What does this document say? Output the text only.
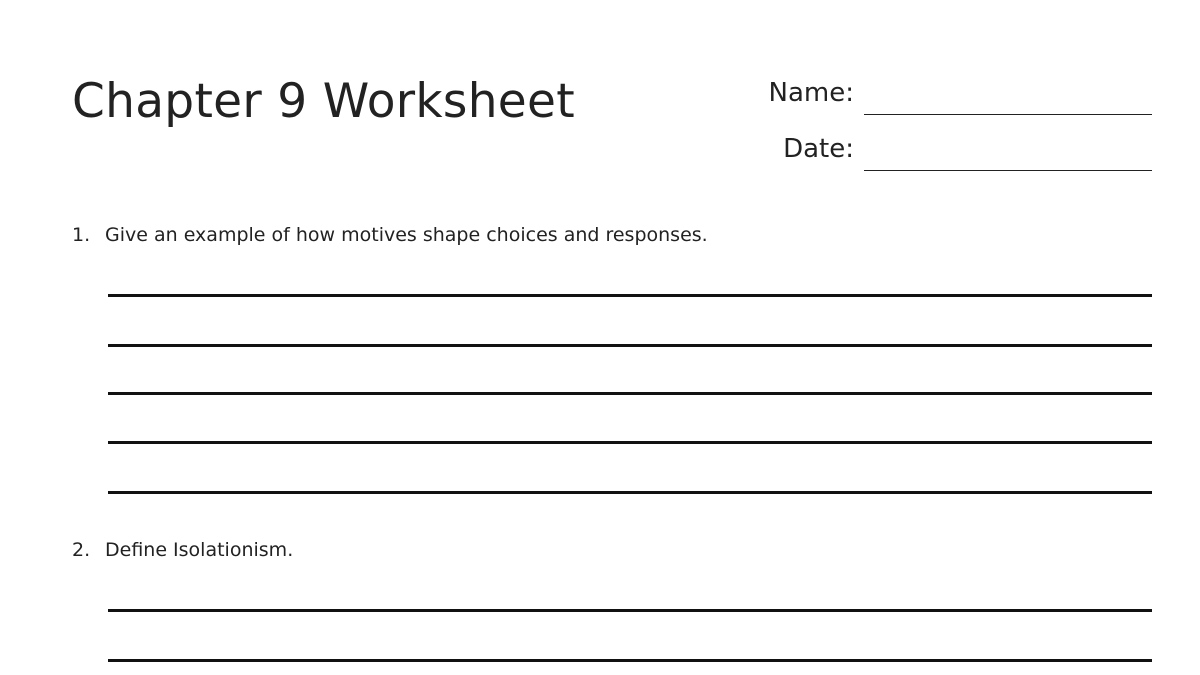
Chapter 9 Worksheet	Name:
Date:
1. Give an example of how motives shape choices and responses.
2. Define Isolationism.
